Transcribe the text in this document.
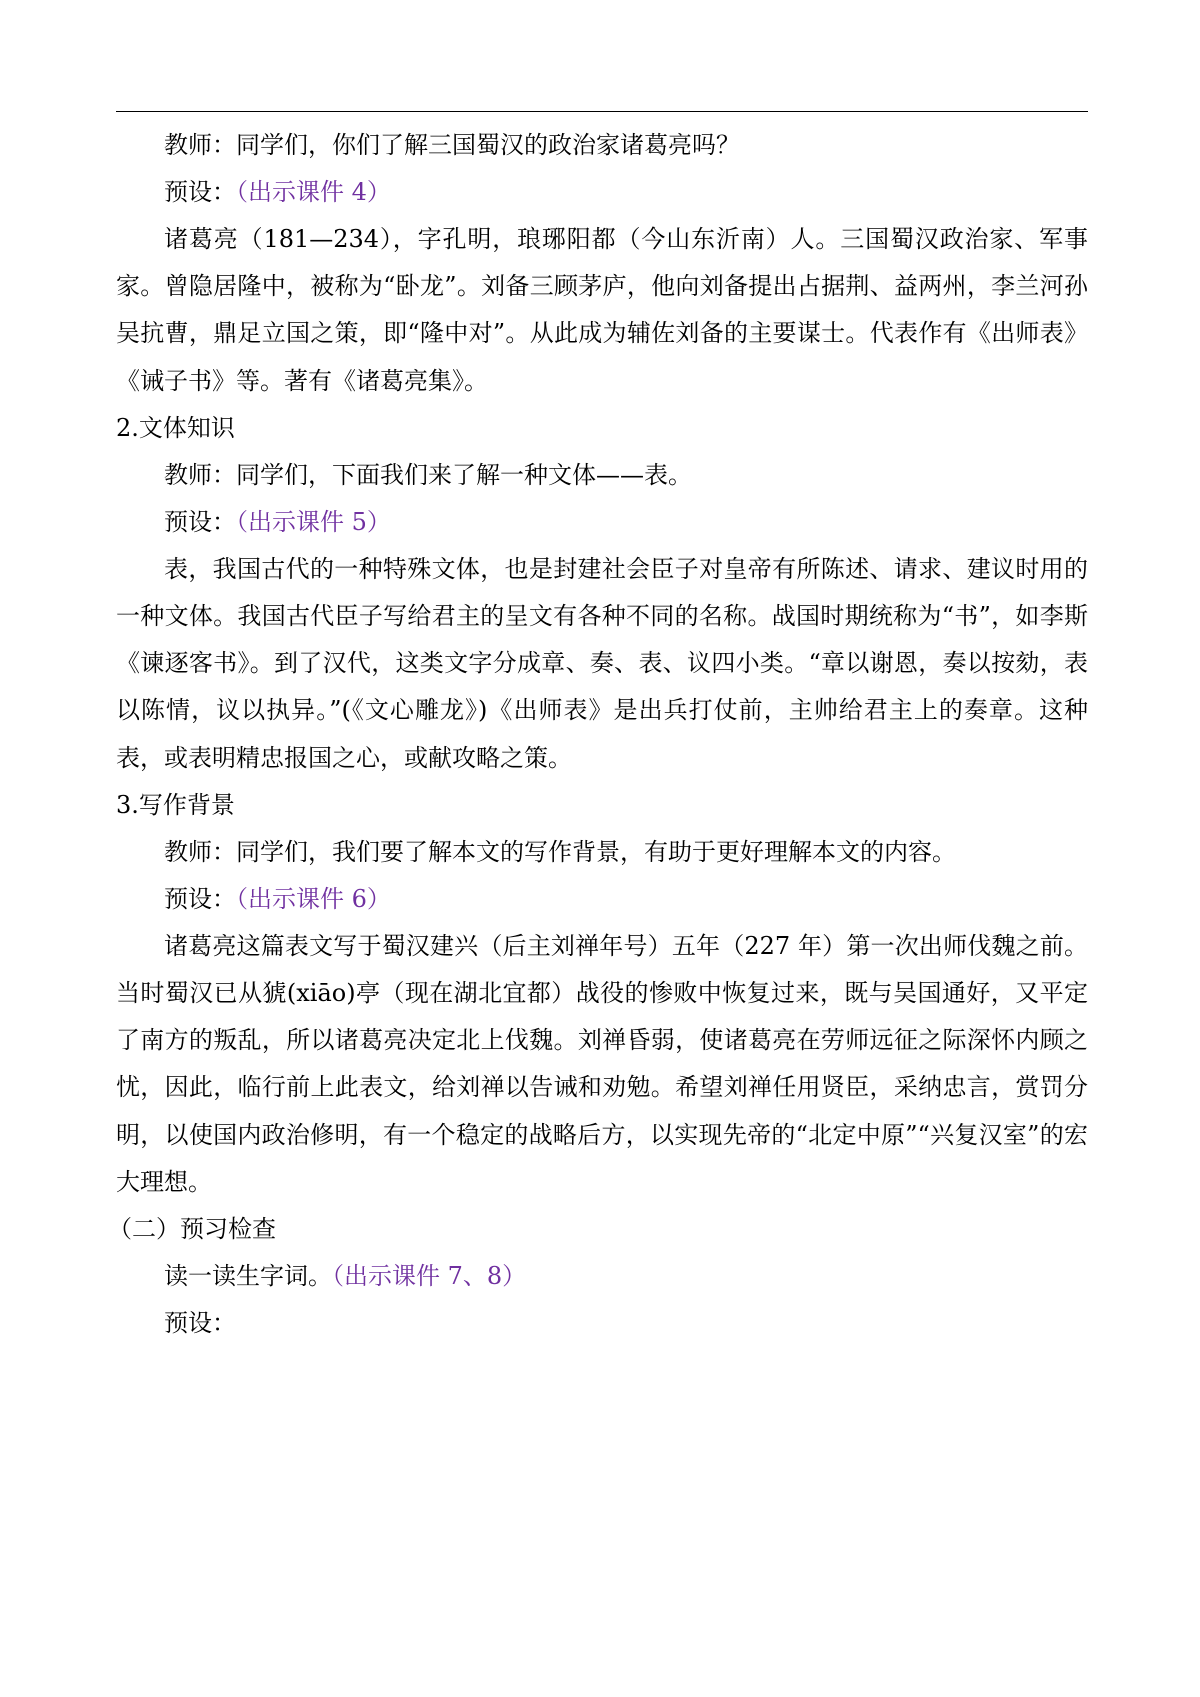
教师：同学们，你们了解三国蜀汉的政治家诸葛亮吗？
预设：（出示课件 4）

诸葛亮（181—234），字孔明，琅琊阳都（今山东沂南）人。三国蜀汉政治家、军事家。曾隐居隆中，被称为“卧龙”。刘备三顾茅庐，他向刘备提出占据荆、益两州，李兰河孙吴抗曹，鼎足立国之策，即“隆中对”。从此成为辅佐刘备的主要谋士。代表作有《出师表》《诫子书》等。著有《诸葛亮集》。

2.文体知识
教师：同学们，下面我们来了解一种文体——表。
预设：（出示课件 5）

表，我国古代的一种特殊文体，也是封建社会臣子对皇帝有所陈述、请求、建议时用的一种文体。我国古代臣子写给君主的呈文有各种不同的名称。战国时期统称为“书”，如李斯《谏逐客书》。到了汉代，这类文字分成章、奏、表、议四小类。“章以谢恩，奏以按劾，表以陈情，议以执异。”(《文心雕龙》)《出师表》是出兵打仗前，主帅给君主上的奏章。这种表，或表明精忠报国之心，或献攻略之策。

3.写作背景
教师：同学们，我们要了解本文的写作背景，有助于更好理解本文的内容。
预设：（出示课件 6）

诸葛亮这篇表文写于蜀汉建兴（后主刘禅年号）五年（227 年）第一次出师伐魏之前。当时蜀汉已从猇(xiāo)亭（现在湖北宜都）战役的惨败中恢复过来，既与吴国通好，又平定了南方的叛乱，所以诸葛亮决定北上伐魏。刘禅昏弱，使诸葛亮在劳师远征之际深怀内顾之忧，因此，临行前上此表文，给刘禅以告诫和劝勉。希望刘禅任用贤臣，采纳忠言，赏罚分明，以使国内政治修明，有一个稳定的战略后方，以实现先帝的“北定中原”“兴复汉室”的宏大理想。

（二）预习检查
读一读生字词。（出示课件 7、8）
预设：
